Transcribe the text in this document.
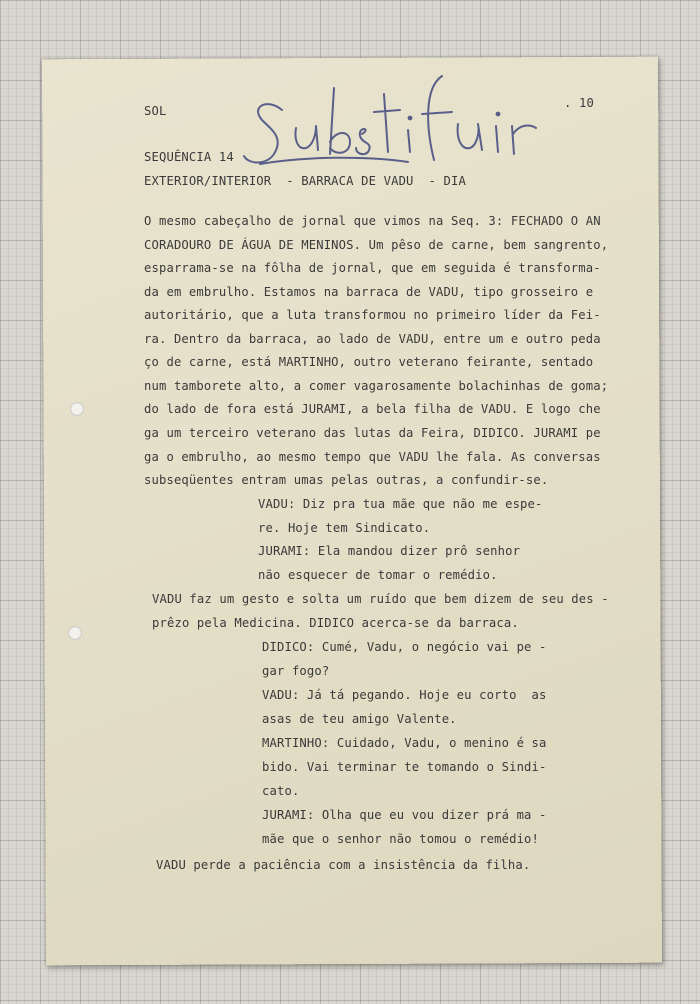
SOL
. 10
Substituir
SEQUÊNCIA 14
EXTERIOR/INTERIOR  - BARRACA DE VADU  - DIA
O mesmo cabeçalho de jornal que vimos na Seq. 3: FECHADO O AN
CORADOURO DE ÁGUA DE MENINOS. Um pêso de carne, bem sangrento,
esparrama-se na fôlha de jornal, que em seguida é transforma-
da em embrulho. Estamos na barraca de VADU, tipo grosseiro e
autoritário, que a luta transformou no primeiro líder da Fei-
ra. Dentro da barraca, ao lado de VADU, entre um e outro peda
ço de carne, está MARTINHO, outro veterano feirante, sentado
num tamborete alto, a comer vagarosamente bolachinhas de goma;
do lado de fora está JURAMI, a bela filha de VADU. E logo che
ga um terceiro veterano das lutas da Feira, DIDICO. JURAMI pe
ga o embrulho, ao mesmo tempo que VADU lhe fala. As conversas
subseqüentes entram umas pelas outras, a confundir-se.
VADU: Diz pra tua mãe que não me espe-
re. Hoje tem Sindicato.
JURAMI: Ela mandou dizer prô senhor
não esquecer de tomar o remédio.
VADU faz um gesto e solta um ruído que bem dizem de seu des -
prêzo pela Medicina. DIDICO acerca-se da barraca.
DIDICO: Cumé, Vadu, o negócio vai pe -
gar fogo?
VADU: Já tá pegando. Hoje eu corto  as
asas de teu amigo Valente.
MARTINHO: Cuidado, Vadu, o menino é sa
bido. Vai terminar te tomando o Sindi-
cato.
JURAMI: Olha que eu vou dizer prá ma -
mãe que o senhor não tomou o remédio!
VADU perde a paciência com a insistência da filha.
